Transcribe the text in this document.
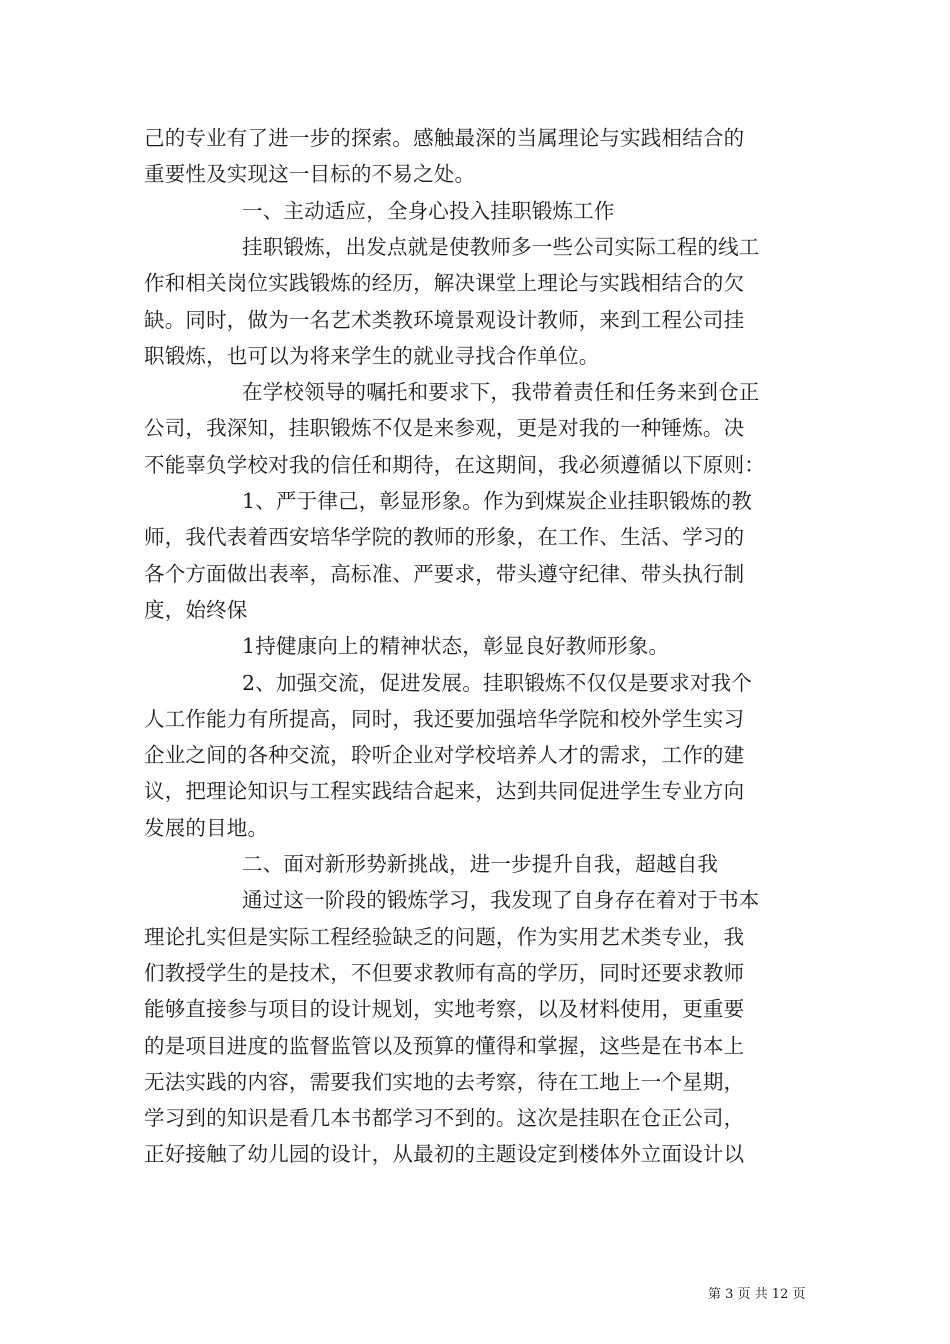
己的专业有了进一步的探索。感触最深的当属理论与实践相结合的
重要性及实现这一目标的不易之处。
一、主动适应，全身心投入挂职锻炼工作
挂职锻炼，出发点就是使教师多一些公司实际工程的线工
作和相关岗位实践锻炼的经历，解决课堂上理论与实践相结合的欠
缺。同时，做为一名艺术类教环境景观设计教师，来到工程公司挂
职锻炼，也可以为将来学生的就业寻找合作单位。
在学校领导的嘱托和要求下，我带着责任和任务来到仓正
公司，我深知，挂职锻炼不仅是来参观，更是对我的一种锤炼。决
不能辜负学校对我的信任和期待，在这期间，我必须遵循以下原则：
1、严于律己，彰显形象。作为到煤炭企业挂职锻炼的教
师，我代表着西安培华学院的教师的形象，在工作、生活、学习的
各个方面做出表率，高标准、严要求，带头遵守纪律、带头执行制
度，始终保
1持健康向上的精神状态，彰显良好教师形象。
2、加强交流，促进发展。挂职锻炼不仅仅是要求对我个
人工作能力有所提高，同时，我还要加强培华学院和校外学生实习
企业之间的各种交流，聆听企业对学校培养人才的需求，工作的建
议，把理论知识与工程实践结合起来，达到共同促进学生专业方向
发展的目地。
二、面对新形势新挑战，进一步提升自我，超越自我
通过这一阶段的锻炼学习，我发现了自身存在着对于书本
理论扎实但是实际工程经验缺乏的问题，作为实用艺术类专业，我
们教授学生的是技术，不但要求教师有高的学历，同时还要求教师
能够直接参与项目的设计规划，实地考察，以及材料使用，更重要
的是项目进度的监督监管以及预算的懂得和掌握，这些是在书本上
无法实践的内容，需要我们实地的去考察，待在工地上一个星期，
学习到的知识是看几本书都学习不到的。这次是挂职在仓正公司，
正好接触了幼儿园的设计，从最初的主题设定到楼体外立面设计以
第 3 页 共 12 页
